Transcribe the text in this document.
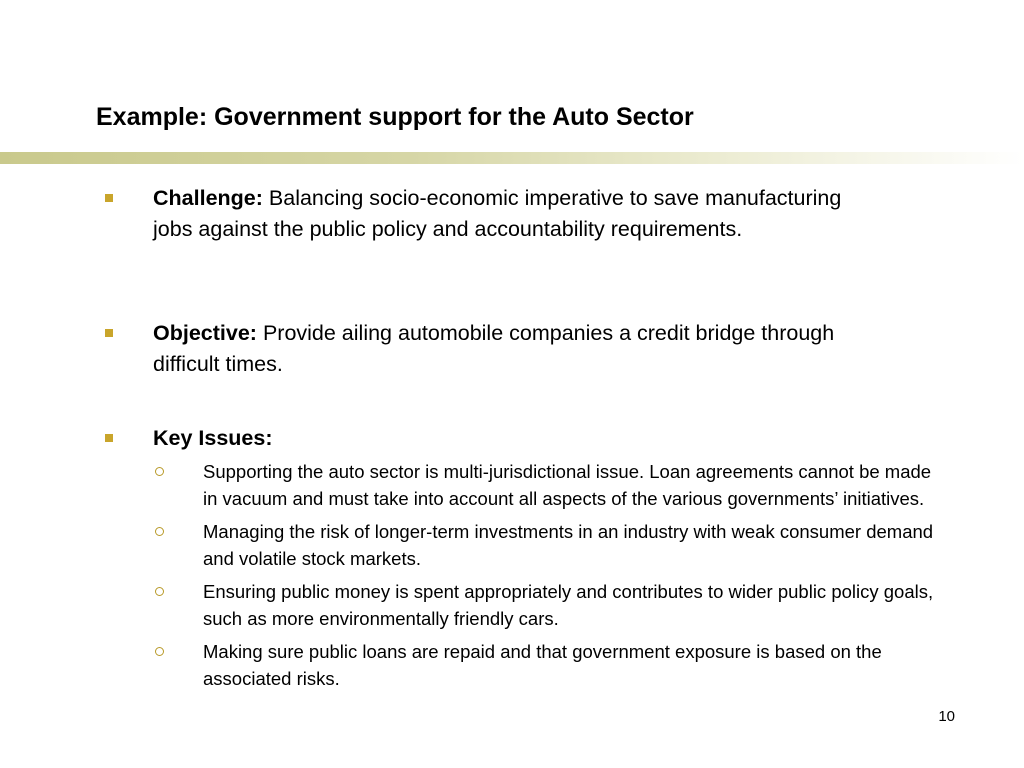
Example: Government support for the Auto Sector
Challenge: Balancing socio-economic imperative to save manufacturing jobs against the public policy and accountability requirements.
Objective: Provide ailing automobile companies a credit bridge through difficult times.
Key Issues:
Supporting the auto sector is multi-jurisdictional issue. Loan agreements cannot be made in vacuum and must take into account all aspects of the various governments’ initiatives.
Managing the risk of longer-term investments in an industry with weak consumer demand and volatile stock markets.
Ensuring public money is spent appropriately and contributes to wider public policy goals, such as more environmentally friendly cars.
Making sure public loans are repaid and that government exposure is based on the associated risks.
10
